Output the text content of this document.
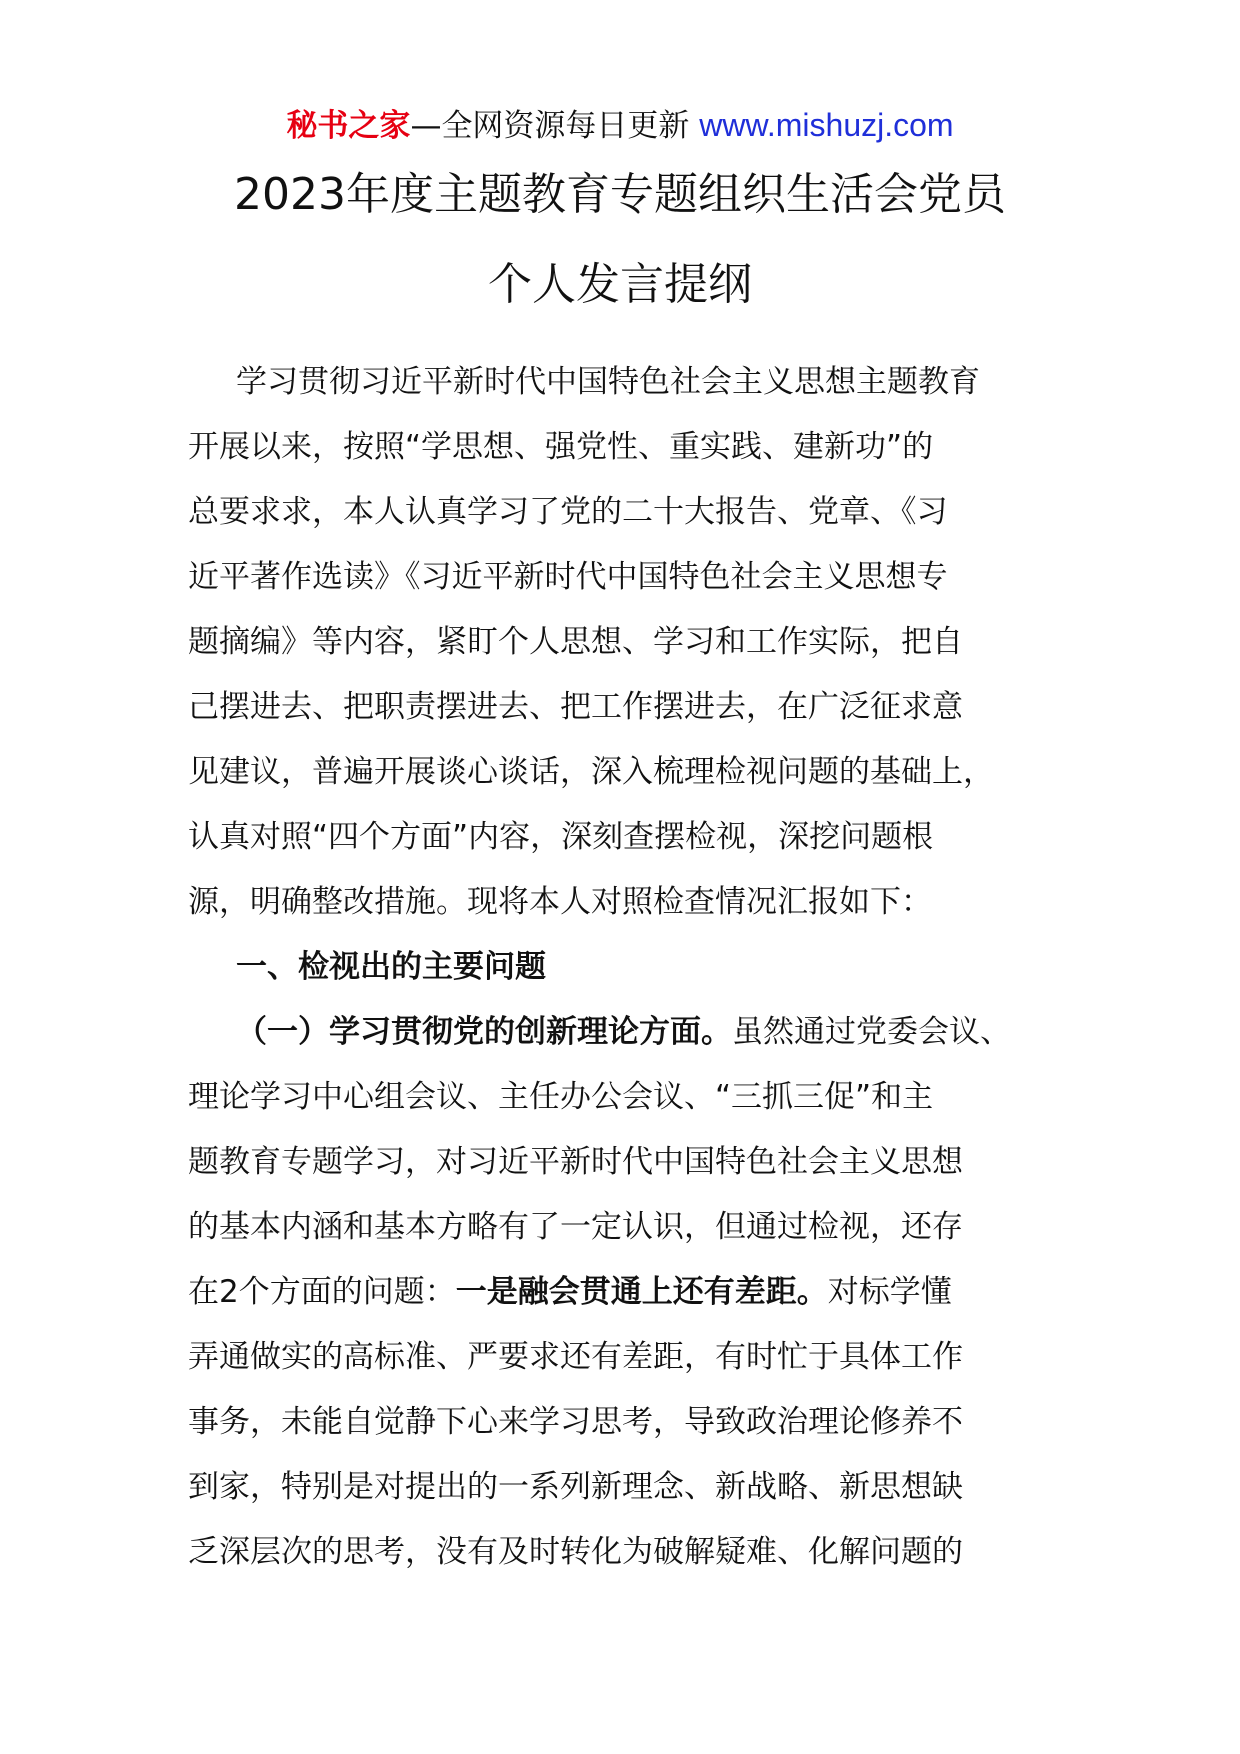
秘书之家—全网资源每日更新 www.mishuzj.com
2023年度主题教育专题组织生活会党员
个人发言提纲
学习贯彻习近平新时代中国特色社会主义思想主题教育
开展以来，按照“学思想、强党性、重实践、建新功”的
总要求求，本人认真学习了党的二十大报告、党章、《习
近平著作选读》《习近平新时代中国特色社会主义思想专
题摘编》等内容，紧盯个人思想、学习和工作实际，把自
己摆进去、把职责摆进去、把工作摆进去，在广泛征求意
见建议，普遍开展谈心谈话，深入梳理检视问题的基础上，
认真对照“四个方面”内容，深刻查摆检视，深挖问题根
源，明确整改措施。现将本人对照检查情况汇报如下：
一、检视出的主要问题
（一）学习贯彻党的创新理论方面。虽然通过党委会议、
理论学习中心组会议、主任办公会议、“三抓三促”和主
题教育专题学习，对习近平新时代中国特色社会主义思想
的基本内涵和基本方略有了一定认识，但通过检视，还存
在2个方面的问题：一是融会贯通上还有差距。对标学懂
弄通做实的高标准、严要求还有差距，有时忙于具体工作
事务，未能自觉静下心来学习思考，导致政治理论修养不
到家，特别是对提出的一系列新理念、新战略、新思想缺
乏深层次的思考，没有及时转化为破解疑难、化解问题的
